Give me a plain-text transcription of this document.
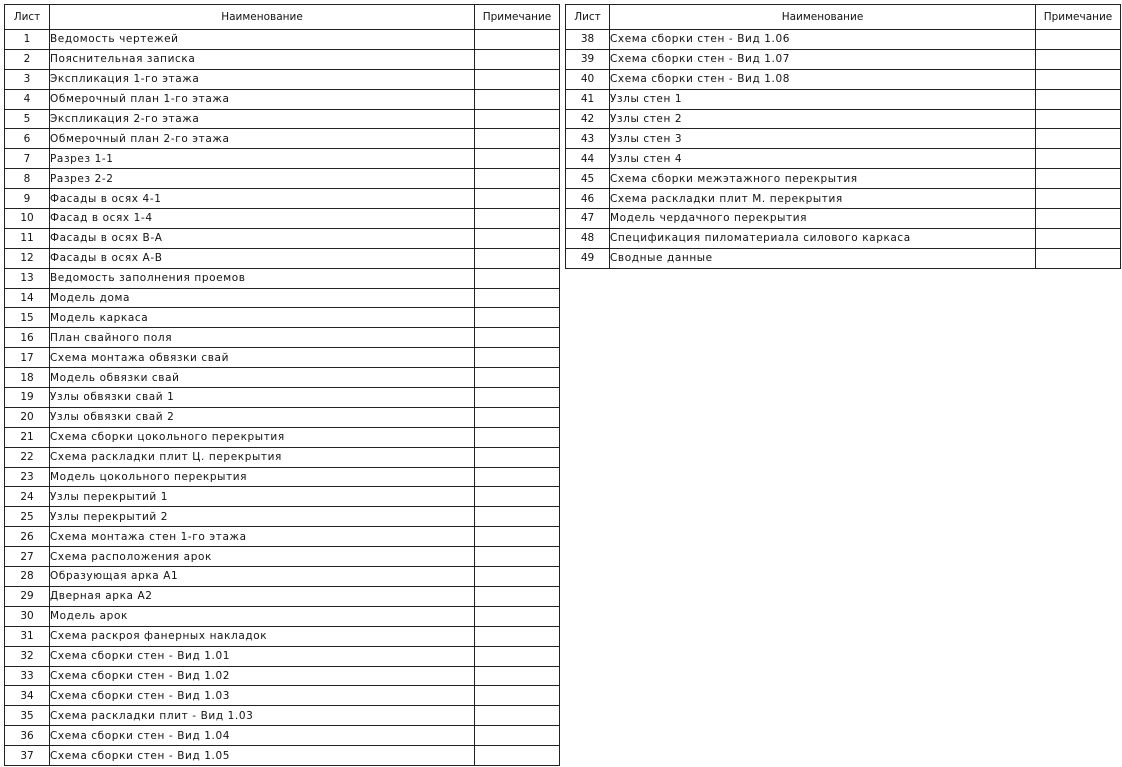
Лист	Наименование	Примечание
1	Ведомость чертежей	
2	Пояснительная записка	
3	Экспликация 1-го этажа	
4	Обмерочный план 1-го этажа	
5	Экспликация 2-го этажа	
6	Обмерочный план 2-го этажа	
7	Разрез 1-1	
8	Разрез 2-2	
9	Фасады в осях 4-1	
10	Фасад в осях 1-4	
11	Фасады в осях В-А	
12	Фасады в осях А-В	
13	Ведомость заполнения проемов	
14	Модель дома	
15	Модель каркаса	
16	План свайного поля	
17	Схема монтажа обвязки свай	
18	Модель обвязки свай	
19	Узлы обвязки свай 1	
20	Узлы обвязки свай 2	
21	Схема сборки цокольного перекрытия	
22	Схема раскладки плит Ц. перекрытия	
23	Модель цокольного перекрытия	
24	Узлы перекрытий 1	
25	Узлы перекрытий 2	
26	Схема монтажа стен 1-го этажа	
27	Схема расположения арок	
28	Образующая арка А1	
29	Дверная арка А2	
30	Модель арок	
31	Схема раскроя фанерных накладок	
32	Схема сборки стен - Вид 1.01	
33	Схема сборки стен - Вид 1.02	
34	Схема сборки стен - Вид 1.03	
35	Схема раскладки плит - Вид 1.03	
36	Схема сборки стен - Вид 1.04	
37	Схема сборки стен - Вид 1.05	
Лист	Наименование	Примечание
38	Схема сборки стен - Вид 1.06	
39	Схема сборки стен - Вид 1.07	
40	Схема сборки стен - Вид 1.08	
41	Узлы стен 1	
42	Узлы стен 2	
43	Узлы стен 3	
44	Узлы стен 4	
45	Схема сборки межэтажного перекрытия	
46	Схема раскладки плит М. перекрытия	
47	Модель чердачного перекрытия	
48	Спецификация пиломатериала силового каркаса	
49	Сводные данные	
